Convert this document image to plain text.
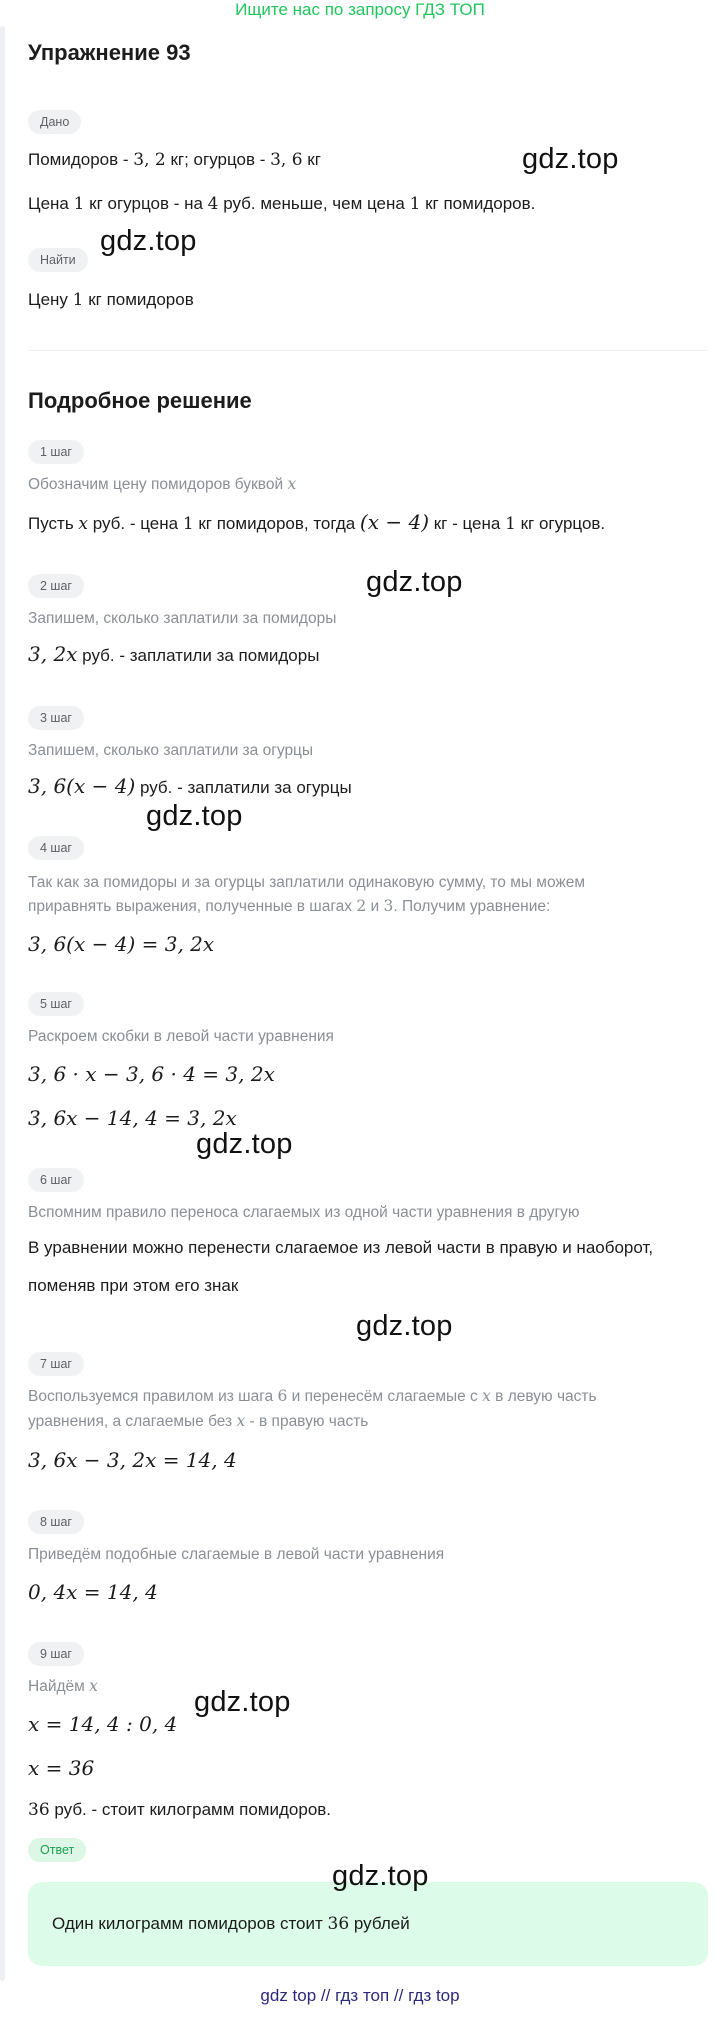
Ищите нас по запросу ГДЗ ТОП
Упражнение 93
Дано
Помидоров - 3, 2 кг; огурцов - 3, 6 кг
Цена 1 кг огурцов - на 4 руб. меньше, чем цена 1 кг помидоров.
Найти
Цену 1 кг помидоров
Подробное решение
1 шаг
Обозначим цену помидоров буквой x
Пусть x руб. - цена 1 кг помидоров, тогда (x − 4) кг - цена 1 кг огурцов.
2 шаг
Запишем, сколько заплатили за помидоры
3, 2x руб. - заплатили за помидоры
3 шаг
Запишем, сколько заплатили за огурцы
3, 6(x − 4) руб. - заплатили за огурцы
4 шаг
Так как за помидоры и за огурцы заплатили одинаковую сумму, то мы можем
приравнять выражения, полученные в шагах 2 и 3. Получим уравнение:
3, 6(x − 4) = 3, 2x
5 шаг
Раскроем скобки в левой части уравнения
3, 6 · x − 3, 6 · 4 = 3, 2x
3, 6x − 14, 4 = 3, 2x
6 шаг
Вспомним правило переноса слагаемых из одной части уравнения в другую
В уравнении можно перенести слагаемое из левой части в правую и наоборот,
поменяв при этом его знак
7 шаг
Воспользуемся правилом из шага 6 и перенесём слагаемые с x в левую часть
уравнения, а слагаемые без x - в правую часть
3, 6x − 3, 2x = 14, 4
8 шаг
Приведём подобные слагаемые в левой части уравнения
0, 4x = 14, 4
9 шаг
Найдём x
x = 14, 4 : 0, 4
x = 36
36 руб. - стоит килограмм помидоров.
Ответ
Один килограмм помидоров стоит 36 рублей
gdz.top
gdz.top
gdz.top
gdz.top
gdz.top
gdz.top
gdz.top
gdz.top
gdz top // гдз топ // гдз top
